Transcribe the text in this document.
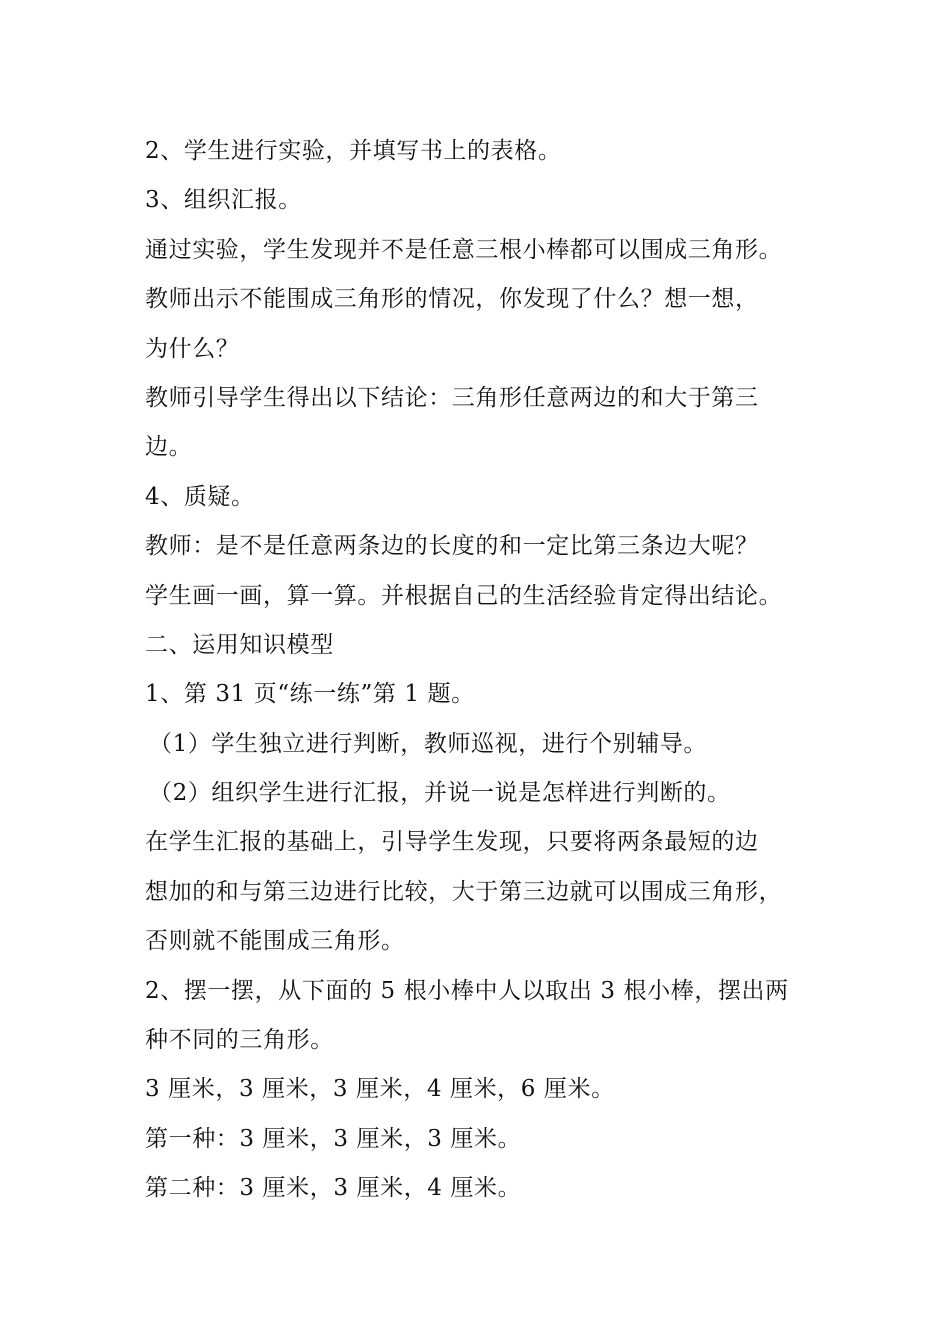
2、学生进行实验，并填写书上的表格。
3、组织汇报。
通过实验，学生发现并不是任意三根小棒都可以围成三角形。
教师出示不能围成三角形的情况，你发现了什么？想一想，
为什么？
教师引导学生得出以下结论：三角形任意两边的和大于第三
边。
4、质疑。
教师：是不是任意两条边的长度的和一定比第三条边大呢？
学生画一画，算一算。并根据自己的生活经验肯定得出结论。
二、运用知识模型
1、第 31 页“练一练”第 1 题。
（1）学生独立进行判断，教师巡视，进行个别辅导。
（2）组织学生进行汇报，并说一说是怎样进行判断的。
在学生汇报的基础上，引导学生发现，只要将两条最短的边
想加的和与第三边进行比较，大于第三边就可以围成三角形，
否则就不能围成三角形。
2、摆一摆，从下面的 5 根小棒中人以取出 3 根小棒，摆出两
种不同的三角形。
3 厘米，3 厘米，3 厘米，4 厘米，6 厘米。
第一种：3 厘米，3 厘米，3 厘米。
第二种：3 厘米，3 厘米，4 厘米。
